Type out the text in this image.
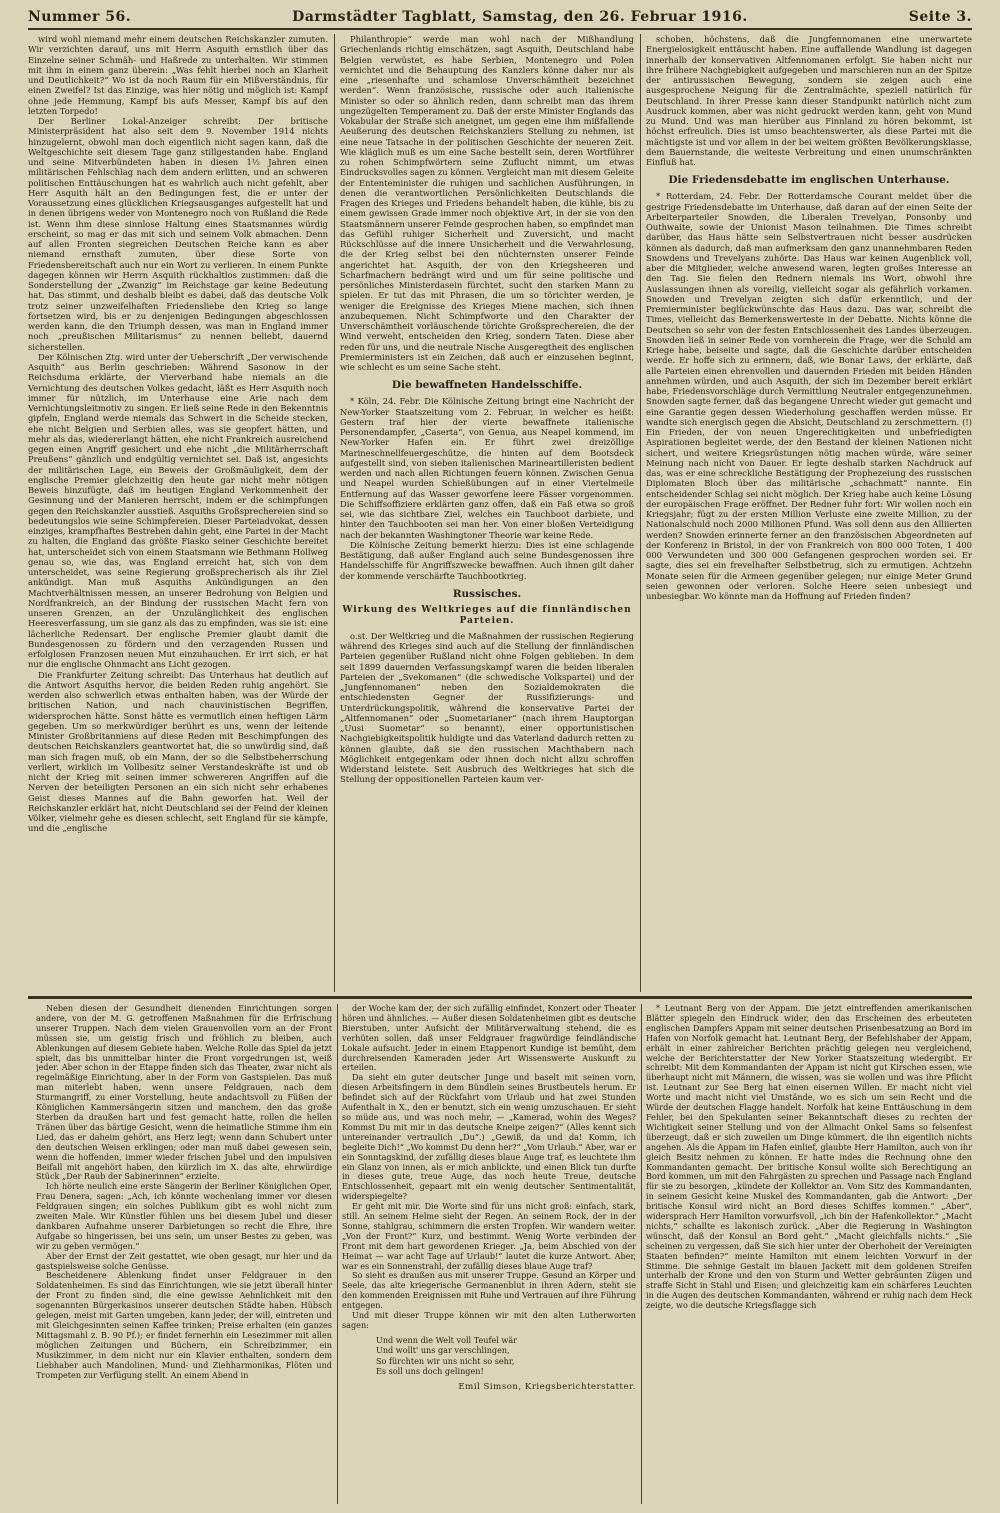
Nummer 56.	Darmstädter Tagblatt, Samstag, den 26. Februar 1916.	Seite 3.

wird wohl niemand mehr einem deutschen Reichskanzler zumuten. Wir verzichten darauf, uns mit Herrn Asquith ernstlich über das Einzelne seiner Schmäh- und Haßrede zu unterhalten. Wir stimmen mit ihm in einem ganz überein: „Was fehlt hierbei noch an Klarheit und Deutlichkeit?“ Wo ist da noch Raum für ein Mißverständnis, für einen Zweifel? Ist das Einzige, was hier nötig und möglich ist: Kampf ohne jede Hemmung, Kampf bis aufs Messer, Kampf bis auf den letzten Torpedo!

Der Berliner Lokal-Anzeiger schreibt: Der britische Ministerpräsident hat also seit dem 9. November 1914 nichts hinzugelernt, obwohl man doch eigentlich nicht sagen kann, daß die Weltgeschichte seit diesem Tage ganz stillgestanden habe. England und seine Mitverbündeten haben in diesen 1½ Jahren einen militärischen Fehlschlag nach dem andern erlitten, und an schweren politischen Enttäuschungen hat es wahrlich auch nicht gefehlt, aber Herr Asquith hält an den Bedingungen fest, die er unter der Voraussetzung eines glücklichen Kriegsausganges aufgestellt hat und in denen übrigens weder von Montenegro noch von Rußland die Rede ist. Wenn ihm diese sinnlose Haltung eines Staatsmannes würdig erscheint, so mag er das mit sich und seinem Volk abmachen. Denn auf allen Fronten siegreichen Deutschen Reiche kann es aber niemand ernsthaft zumuten, über diese Sorte von Friedensbereitschaft auch nur ein Wort zu verlieren. In einem Punkte dagegen können wir Herrn Asquith rückhaltlos zustimmen: daß die Sonderstellung der „Zwanzig“ im Reichstage gar keine Bedeutung hat. Das stimmt, und deshalb bleibt es dabei, daß das deutsche Volk trotz seiner unzweifelhaften Friedensliebe den Krieg so lange fortsetzen wird, bis er zu denjenigen Bedingungen abgeschlossen werden kann, die den Triumph dessen, was man in England immer noch „preußischen Militarismus“ zu nennen beliebt, dauernd sicherstellen.

Der Kölnischen Ztg. wird unter der Ueberschrift „Der verwischende Asquith“ aus Berlin geschrieben: Während Sasonow in der Reichsduma erklärte, der Vierverband habe niemals an die Vernichtung des deutschen Volkes gedacht, läßt es Herr Asquith noch immer für nützlich, im Unterhause eine Arie nach dem Vernichtungsleitmotiv zu singen. Er ließ seine Rede in den Bekenntnis gipfeln, England werde niemals das Schwert in die Scheide stecken, ehe nicht Belgien und Serbien alles, was sie geopfert hätten, und mehr als das, wiedererlangt hätten, ehe nicht Frankreich ausreichend gegen einen Angriff gesichert und ehe nicht „die Militärherrschaft Preußens“ gänzlich und endgültig vernichtet sei. Daß ist, angesichts der militärischen Lage, ein Beweis der Großmäuligkeit, dem der englische Premier gleichzeitig den heute gar nicht mehr nötigen Beweis hinzufügte, daß im heutigen England Verkommenheit der Gesinnung und der Manieren herrscht, indem er die schimpfungen gegen den Reichskanzler ausstieß. Asquiths Großsprechereien sind so bedeutungslos wie seine Schimpfereien. Dieser Parteiadvokat, dessen einziges, krampfhaftes Bestreben dahin geht, eine Partei in der Macht zu halten, die England das größte Fiasko seiner Geschichte bereitet hat, unterscheidet sich von einem Staatsmann wie Bethmann Hollweg genau so, wie das, was England erreicht hat, sich von dem unterscheidet, was seine Regierung großsprecherisch als ihr Ziel ankündigt. Man muß Asquiths Ankündigungen an den Machtverhältnissen messen, an unserer Bedrohung von Belgien und Nordfrankreich, an der Bindung der russischen Macht fern von unseren Grenzen, an der Unzulänglichkeit des englischen Heeresverfassung, um sie ganz als das zu empfinden, was sie ist: eine lächerliche Redensart. Der englische Premier glaubt damit die Bundesgenossen zu fördern und den verzagenden Russen und erfolglosen Franzosen neuen Mut einzuhauchen. Er irrt sich, er hat nur die englische Ohnmacht ans Licht gezogen.

Die Frankfurter Zeitung schreibt: Das Unterhaus hat deutlich auf die Antwort Asquiths hervor, die beiden Reden ruhig angehört. Sie werden also schwerlich etwas enthalten haben, was der Würde der britischen Nation, und nach chauvinistischen Begriffen, widersprochen hätte. Sonst hätte es vermutlich einen heftigen Lärm gegeben. Um so merkwürdiger berührt es uns, wenn der leitende Minister Großbritanniens auf diese Reden mit Beschimpfungen des deutschen Reichskanzlers geantwortet hat, die so unwürdig sind, daß man sich fragen muß, ob ein Mann, der so die Selbstbeherrschung verliert, wirklich im Vollbesitz seiner Verstandeskräfte ist und ob nicht der Krieg mit seinen immer schwereren Angriffen auf die Nerven der beteiligten Personen an ein sich nicht sehr erhabenes Geist dieses Mannes auf die Bahn geworfen hat. Weil der Reichskanzler erklärt hat, nicht Deutschland sei der Feind der kleinen Völker, vielmehr gehe es diesen schlecht, seit England für sie kämpfe, und die „englische

Philanthropie“ werde man wohl nach der Mißhandlung Griechenlands richtig einschätzen, sagt Asquith, Deutschland habe Belgien verwüstet, es habe Serbien, Montenegro und Polen vernichtet und die Behauptung des Kanzlers könne daher nur als eine „riesenhafte und schamlose Unverschämtheit bezeichnet werden“. Wenn französische, russische oder auch italienische Minister so oder so ähnlich reden, dann schreibt man das ihrem ungezügelten Temperament zu. Daß der erste Minister Englands das Vokabular der Straße sich aneignet, um gegen eine ihm mißfallende Aeußerung des deutschen Reichskanzlers Stellung zu nehmen, ist eine neue Tatsache in der politischen Geschichte der neueren Zeit. Wie kläglich muß es um eine Sache bestellt sein, deren Wortführer zu rohen Schimpfwörtern seine Zuflucht nimmt, um etwas Eindrucksvolles sagen zu können. Vergleicht man mit diesem Geleite der Ententeminister die ruhigen und sachlichen Ausführungen, in denen die verantwortlichen Persönlichkeiten Deutschlands die Fragen des Krieges und Friedens behandelt haben, die kühle, bis zu einem gewissen Grade immer noch objektive Art, in der sie von den Staatsmännern unserer Feinde gesprochen haben, so empfindet man das Gefühl ruhiger Sicherheit und Zuversicht, und macht Rückschlüsse auf die innere Unsicherheit und die Verwahrlosung, die der Krieg selbst bei den nüchternsten unserer Feinde angerichtet hat. Asquith, der von den Kriegsheeren und Scharfmachern bedrängt wird und um für seine politische und persönliches Ministerdasein fürchtet, sucht den starken Mann zu spielen. Er tut das mit Phrasen, die um so törichter werden, je weniger die Ereignisse des Krieges Miene machen, sich ihnen anzubequemen. Nicht Schimpfworte und den Charakter der Unverschämtheit vorläuschende törichte Großsprechereien, die der Wind verweht, entscheiden den Krieg, sondern Taten. Diese aber reden für uns, und die neutrale Nische Ausgeregtheit des englischen Premierministers ist ein Zeichen, daß auch er einzusehen beginnt, wie schlecht es um seine Sache steht.

Die bewaffneten Handelsschiffe.

* Köln, 24. Febr. Die Kölnische Zeitung bringt eine Nachricht der New-Yorker Staatszeitung vom 2. Februar, in welcher es heißt: Gestern traf hier der vierte bewaffnete italienische Personendampfer, „Caserta“, von Genua, aus Neapel kommend, im New-Yorker Hafen ein. Er führt zwei dreizöllige Marineschnellfeuergeschütze, die hinten auf dem Bootsdeck aufgestellt sind, von sieben italienischen Marineartilleristen bedient werden und nach allen Richtungen feuern können. Zwischen Genua und Neapel wurden Schießübungen auf in einer Viertelmeile Entfernung auf das Wasser geworfene leere Fässer vorgenommen. Die Schiffsoffiziere erklärten ganz offen, daß ein Faß etwa so groß sei, wie das sichtbare Ziel, welches ein Tauchboot darbiete, und hinter den Tauchbooten sei man her. Von einer bloßen Verteidigung nach der bekannten Washingtoner Theorie war keine Rede.

Die Kölnische Zeitung bemerkt hierzu: Dies ist eine schlagende Bestätigung, daß außer England auch seine Bundesgenossen ihre Handelsschiffe für Angriffszwecke bewaffnen. Auch ihnen gilt daher der kommende verschärfte Tauchbootkrieg.

Russisches.
Wirkung des Weltkrieges auf die finnländischen Parteien.

o.st. Der Weltkrieg und die Maßnahmen der russischen Regierung während des Krieges sind auch auf die Stellung der finnländischen Parteien gegenüber Rußland nicht ohne Folgen geblieben. In dem seit 1899 dauernden Verfassungskampf waren die beiden liberalen Parteien der „Svekomanen“ (die schwedische Volkspartei) und der „Jungfennomanen“ neben den Sozialdemokraten die entschiedensten Gegner der Russifizierungs- und Unterdrückungspolitik, während die konservative Partei der „Altfennomanen“ oder „Suometarianer“ (nach ihrem Hauptorgan „Uusi Suometar“ so benannt), einer opportunistischen Nachgiebigkeitspolitik huldigte und das Vaterland dadurch retten zu können glaubte, daß sie den russischen Machthabern nach Möglichkeit entgegenkam oder ihnen doch nicht allzu schroffen Widerstand leistete. Seit Ausbruch des Weltkrieges hat sich die Stellung der oppositionellen Parteien kaum ver-

schoben, höchstens, daß die Jungfennomanen eine unerwartete Energielosigkeit enttäuscht haben. Eine auffallende Wandlung ist dagegen innerhalb der konservativen Altfennomanen erfolgt. Sie haben nicht nur ihre frühere Nachgiebigkeit aufgegeben und marschieren nun an der Spitze der antirussischen Bewegung, sondern sie zeigen auch eine ausgesprochene Neigung für die Zentralmächte, speziell natürlich für Deutschland. In ihrer Presse kann dieser Standpunkt natürlich nicht zum Ausdruck kommen, aber was nicht gedruckt werden kann, geht von Mund zu Mund. Und was man hierüber aus Finnland zu hören bekommt, ist höchst erfreulich. Dies ist umso beachtenswerter, als diese Partei mit die mächtigste ist und vor allem in der bei weitem größten Bevölkerungsklasse, dem Bauernstande, die weiteste Verbreitung und einen unumschränkten Einfluß hat.

Die Friedensdebatte im englischen Unterhause.

* Rotterdam, 24. Febr. Der Rotterdamsche Courant meldet über die gestrige Friedensdebatte im Unterhause, daß daran auf der einen Seite der Arbeiterparteiler Snowden, die Liberalen Trevelyan, Ponsonby und Outhwaite, sowie der Unionist Mason teilnahmen. Die Times schreibt darüber, das Haus hätte sein Selbstvertrauen nicht besser ausdrücken können als dadurch, daß man aufmerksam den ganz unannehmbaren Reden Snowdens und Trevelyans zuhörte. Das Haus war keinen Augenblick voll, aber die Mitglieder, welche anwesend waren, legten großes Interesse an den Tag. Sie fielen den Rednern niemals ins Wort, obwohl ihre Auslassungen ihnen als voreilig, vielleicht sogar als gefährlich vorkamen. Snowden und Trevelyan zeigten sich dafür erkenntlich, und der Premierminister beglückwünschte das Haus dazu. Das war, schreibt die Times, vielleicht das Bemerkenswerteste in der Debatte. Nichts könne die Deutschen so sehr von der festen Entschlossenheit des Landes überzeugen. Snowden ließ in seiner Rede von vornherein die Frage, wer die Schuld am Kriege habe, beiseite und sagte, daß die Geschichte darüber entscheiden werde. Er hoffe sich zu erinnern, daß, wie Bonar Laws, der erklärte, daß alle Parteien einen ehrenvollen und dauernden Frieden mit beiden Händen annehmen würden, und auch Asquith, der sich im Dezember bereit erklärt habe, Friedensvorschläge durch Vermittlung Neutraler entgegenzunehmen. Snowden sagte ferner, daß das begangene Unrecht wieder gut gemacht und eine Garantie gegen dessen Wiederholung geschaffen werden müsse. Er wandte sich energisch gegen die Absicht, Deutschland zu zerschmettern. (!) Ein Frieden, der von neuen Ungerechtigkeiten und unbefriedigten Aspirationen begleitet werde, der den Bestand der kleinen Nationen nicht sichert, und weitere Kriegsrüstungen nötig machen würde, wäre seiner Meinung nach nicht von Dauer. Er legte deshalb starken Nachdruck auf das, was er eine schreckliche Bestätigung der Prophezeiung des russischen Diplomaten Bloch über das militärische „schachmatt“ nannte. Ein entscheidender Schlag sei nicht möglich. Der Krieg habe auch keine Lösung der europäischen Frage eröffnet. Der Redner fuhr fort: Wir wollen noch ein Kriegsjahr; fügt zu der ersten Million Verluste eine zweite Million, zu der Nationalschuld noch 2000 Millionen Pfund. Was soll denn aus den Alliierten werden? Snowden erinnerte ferner an den französischen Abgeordneten auf der Konferenz in Bristol, in der von Frankreich von 800 000 Toten, 1 400 000 Verwundeten und 300 000 Gefangenen gesprochen worden sei. Er sagte, dies sei ein frevelhafter Selbstbetrug, sich zu ermutigen. Achtzehn Monate seien für die Armeen gegenüber gelegen; nur einige Meter Grund seien gewonnen oder verloren. Solche Heere seien unbesiegt und unbesiegbar. Wo könnte man da Hoffnung auf Frieden finden?

Neben diesen der Gesundheit dienenden Einrichtungen sorgen andere, von der M. G. getroffenen Maßnahmen für die Erfrischung unserer Truppen. Nach dem vielen Grauenvollen vorn an der Front müssen sie, um geistig frisch und fröhlich zu bleiben, auch Ablenkungen auf diesem Gebiete haben. Welche Rolle das Spiel da jetzt spielt, das bis unmittelbar hinter die Front vorgedrungen ist, weiß jeder. Aber schon in der Etappe finden sich das Theater, zwar nicht als regelmäßige Einrichtung, aber in der Form von Gastspielen. Das muß man miterlebt haben, wenn unsere Feldgrauen, nach dem Sturmangriff, zu einer Vorstellung, heute andachtsvoll zu Füßen der Königlichen Kammersängerin sitzen und manchem, den das große Sterben da draußen hart und fest gemacht hatte, rollen die hellen Tränen über das bärtige Gesicht, wenn die heimatliche Stimme ihm ein Lied, das er daheim gehört, ans Herz legt; wenn dann Schubert unter den deutschen Weisen erklingen; oder man muß dabei gewesen sein, wenn die hoffenden, immer wieder frischen Jubel und den impulsiven Beifall mit angehört haben, den kürzlich im X. das alte, ehrwürdige Stück „Der Raub der Sabinerinnen“ erzielte.

Ich hörte neulich eine erste Sängerin der Berliner Königlichen Oper, Frau Denera, sagen: „Ach, ich könnte wochenlang immer vor diesen Feldgrauen singen; ein solches Publikum gibt es wohl nicht zum zweiten Male. Wir Künstler fühlen uns bei diesem Jubel und dieser dankbaren Aufnahme unserer Darbietungen so recht die Ehre, ihre Aufgabe so hingerissen, bei uns sein, um unser Bestes zu geben, was wir zu geben vermögen.“

Aber der Ernst der Zeit gestattet, wie oben gesagt, nur hier und da gastspielsweise solche Genüsse.

Bescheidenere Ablenkung findet unser Feldgrauer in den Soldatenheimen. Es sind das Einrichtungen, wie sie jetzt überall hinter der Front zu finden sind, die eine gewisse Aehnlichkeit mit den sogenannten Bürgerkasinos unserer deutschen Städte haben. Hübsch gelegen, meist mit Garten umgeben, kann jeder, der will, eintreten und mit Gleichgesinnten seinen Kaffee trinken; Preise erhalten (ein ganzes Mittagsmahl z. B. 90 Pf.); er findet fernerhin ein Lesezimmer mit allen möglichen Zeitungen und Büchern, ein Schreibzimmer, ein Musikzimmer, in dem nicht nur ein Klavier enthalten, sondern dem Liebhaber auch Mandolinen, Mund- und Ziehharmonikas, Flöten und Trompeten zur Verfügung stellt. An einem Abend in

der Woche kam der, der sich zufällig einfindet, Konzert oder Theater hören und ähnliches. — Außer diesen Soldatenheimen gibt es deutsche Bierstuben, unter Aufsicht der Militärverwaltung stehend, die es verhüten sollen, daß unser Feldgrauer fragwürdige feindländische Lokale aufsucht. Jeder in einem Etappenort Kundige ist bemüht, dem durchreisenden Kameraden jeder Art Wissenswerte Auskunft zu erteilen.

Da sieht ein guter deutscher Junge und baselt mit seinen vorn, diesen Arbeitsfingern in dem Bündlein seines Brustbeutels herum. Er befindet sich auf der Rückfahrt vom Urlaub und hat zwei Stunden Aufenthalt in X., den er benutzt, sich ein wenig umzuschauen. Er sieht so müde aus, und was noch mehr, — „Kamerad, wohin des Weges? Kommst Du mit mir in das deutsche Kneipe zeigen?“ (Alles kennt sich untereinander vertraulich „Du“.) „Gewiß, da und da! Komm, ich begleite Dich!“ „Wo kommst Du denn her?“ „Vom Urlaub.“ Aber, war er ein Sonntagskind, der zufällig dieses blaue Auge traf, es leuchtete ihm ein Glanz von innen, als er mich anblickte, und einen Blick tun durfte in dieses gute, treue Auge, das noch heute Treue, deutsche Entschlossenheit, gepaart mit ein wenig deutscher Sentimentalität, widerspiegelte?

Er geht mit mir. Die Worte sind für uns nicht groß: einfach, stark, still. An seinem Helme sieht der Regen. An seinem Rock, der in der Sonne, stahlgrau, schimmern die ersten Tropfen. Wir wandern weiter. „Von der Front?“ Kurz, und bestimmt. Wenig Worte verbinden der Front mit dem hart gewordenen Krieger. „Ja, beim Abschied von der Heimat — war acht Tage auf Urlaub!“ lautet die kurze Antwort. Aber, war es ein Sonnenstrahl, der zufällig dieses blaue Auge traf?

So sieht es draußen aus mit unserer Truppe. Gesund an Körper und Seele, das alte kriegerische Germanenblut in ihren Adern, steht sie den kommenden Ereignissen mit Ruhe und Vertrauen auf ihre Führung entgegen.

Und mit dieser Truppe können wir mit den alten Lutherworten sagen:

Und wenn die Welt voll Teufel wär
Und wollt' uns gar verschlingen,
So fürchten wir uns nicht so sehr,
Es soll uns doch gelingen!
Emil Simson, Kriegsberichterstatter.

* Leutnant Berg von der Appam. Die jetzt eintreffenden amerikanischen Blätter spiegeln den Eindruck wider, den das Erscheinen des erbeuteten englischen Dampfers Appam mit seiner deutschen Prisenbesatzung an Bord im Hafen von Norfolk gemacht hat. Leutnant Berg, der Befehlshaber der Appam, erhält in einer zahlreicher Berichten prächtig gelegen neu vergleichend, welche der Berichterstatter der New Yorker Staatszeitung wiedergibt. Er schreibt: Mit dem Kommandanten der Appam ist nicht gut Kirschen essen, wie überhaupt nicht mit Männern, die wissen, was sie wollen und was ihre Pflicht ist. Leutnant zur See Berg hat einen eisernen Willen. Er macht nicht viel Worte und macht nicht viel Umstände, wo es sich um sein Recht und die Würde der deutschen Flagge handelt. Norfolk hat keine Enttäuschung in dem Fehler, bei den Spekulanten seiner Bekanntschaft dieses zu rechten der Wichtigkeit seiner Stellung und von der Allmacht Onkel Sams so felsenfest überzeugt, daß er sich zuweilen um Dinge kümmert, die ihn eigentlich nichts angehen. Als die Appam im Hafen einlief, glaubte Herr Hamilton, auch von ihr gleich Besitz nehmen zu können. Er hatte indes die Rechnung ohne den Kommandanten gemacht. Der britische Konsul wollte sich Berechtigung an Bord kommen, um mit den Fahrgästen zu sprechen und Passage nach England für sie zu besorgen, „kündete der Kollektor an. Vom Sitz des Kommandanten, in seinem Gesicht keine Muskel des Kommandanten, gab die Antwort: „Der britische Konsul wird nicht an Bord dieses Schiffes kommen.“ „Aber“, widersprach Herr Hamilton vorwurfsvoll, „ich bin der Hafenkollektor.“ „Macht nichts,“ schallte es lakonisch zurück. „Aber die Regierung in Washington wünscht, daß der Konsul an Bord geht.“ „Macht gleichfalls nichts.“ „Sie scheinen zu vergessen, daß Sie sich hier unter der Oberhoheit der Vereinigten Staaten befinden?“ meinte Hamilton mit einem leichten Vorwurf in der Stimme. Die sehnige Gestalt im blauen Jackett mit dem goldenen Streifen unterhalb der Krone und den von Sturm und Wetter gebräunten Zügen und straffe Sicht in Stahl und Eisen; und gleichzeitig kam ein schärferes Leuchten in die Augen des deutschen Kommandanten, während er ruhig nach dem Heck zeigte, wo die deutsche Kriegsflagge sich
